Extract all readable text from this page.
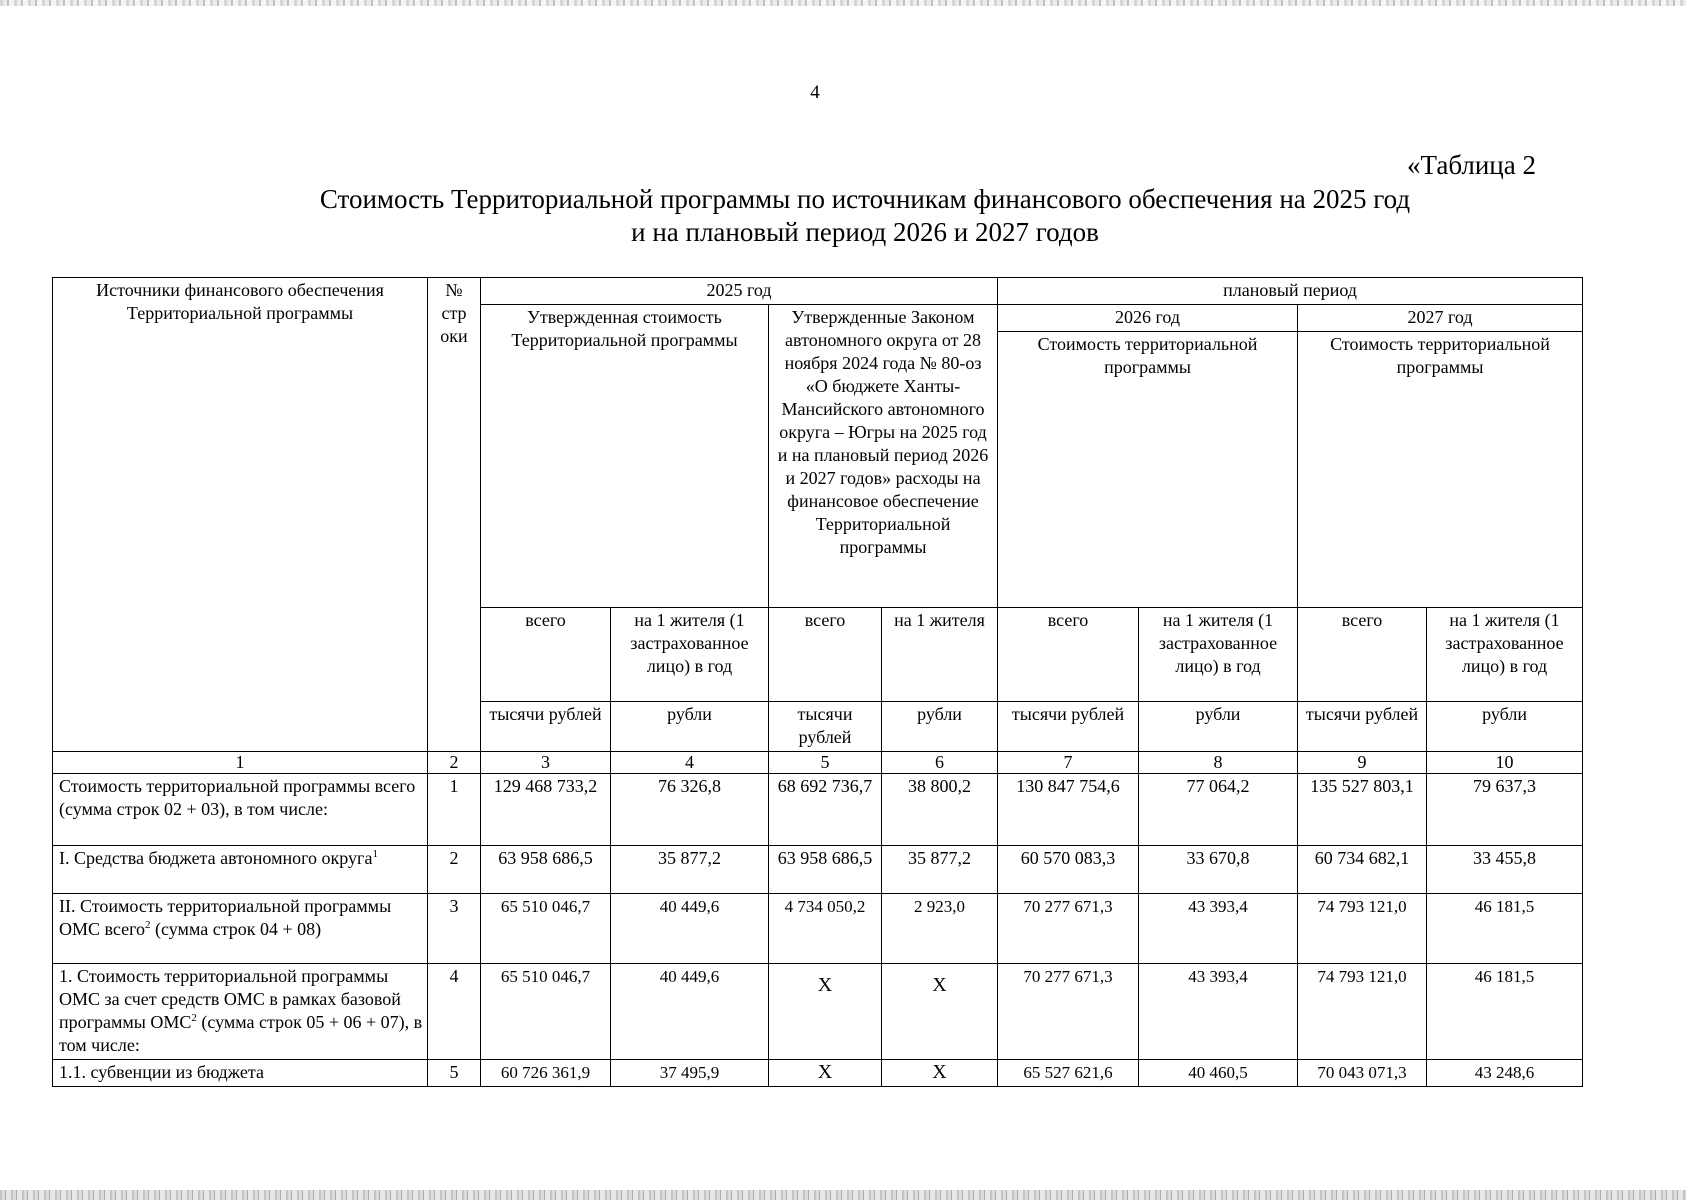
4
«Таблица 2
Стоимость Территориальной программы по источникам финансового обеспечения на 2025 год
и на плановый период 2026 и 2027 годов
Источники финансового обеспечения Территориальной программы	№ стр оки	2025 год				плановый период			
		Утвержденная стоимость Территориальной программы		Утвержденные Законом автономного округа от 28 ноября 2024 года № 80-оз «О бюджете Ханты-Мансийского автономного округа – Югры на 2025 год и на плановый период 2026 и 2027 годов» расходы на финансовое обеспечение Территориальной программы		2026 год		2027 год	
						Стоимость территориальной программы		Стоимость территориальной программы	
		всего	на 1 жителя (1 застрахованное лицо) в год	всего	на 1 жителя	всего	на 1 жителя (1 застрахованное лицо) в год	всего	на 1 жителя (1 застрахованное лицо) в год
		тысячи рублей	рубли	тысячи рублей	рубли	тысячи рублей	рубли	тысячи рублей	рубли
1	2	3	4	5	6	7	8	9	10
Стоимость территориальной программы всего (сумма строк 02 + 03), в том числе:	1	129 468 733,2	76 326,8	68 692 736,7	38 800,2	130 847 754,6	77 064,2	135 527 803,1	79 637,3
I. Средства бюджета автономного округа$^1$	2	63 958 686,5	35 877,2	63 958 686,5	35 877,2	60 570 083,3	33 670,8	60 734 682,1	33 455,8
II. Стоимость территориальной программы ОМС всего$^2$ (сумма строк 04 + 08)	3	65 510 046,7	40 449,6	4 734 050,2	2 923,0	70 277 671,3	43 393,4	74 793 121,0	46 181,5
1. Стоимость территориальной программы ОМС за счет средств ОМС в рамках базовой программы ОМС$^2$ (сумма строк 05 + 06 + 07), в том числе:	4	65 510 046,7	40 449,6	X	X	70 277 671,3	43 393,4	74 793 121,0	46 181,5
1.1. субвенции из бюджета	5	60 726 361,9	37 495,9	X	X	65 527 621,6	40 460,5	70 043 071,3	43 248,6
